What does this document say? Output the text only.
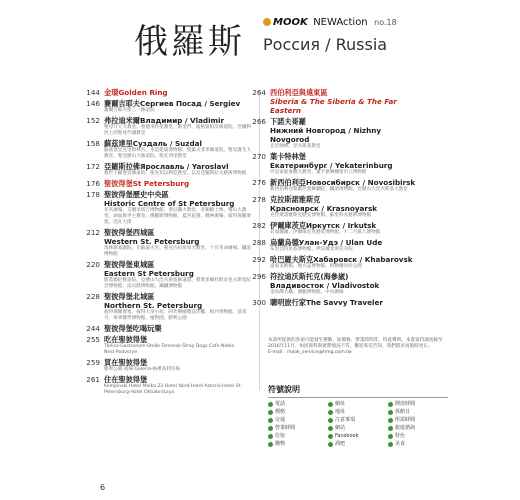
俄羅斯	MOOK NEWAction no.18
Россия / Russia
144 金環Golden Ring
146 賽爾吉耶夫Сергиев Посад / Sergiev
謝爾吉耶夫聖三一修道院
152 弗拉迪米爾Владимир / Vladimir
聖母升天大教堂、聖德米特里教堂、黃金門、波格留柏沃修道院、涅爾利河上的聖母代禱教堂
158 蘇茲達里Суздаль / Suzdal
蘇茲達里克里姆林宮、木造建築博物館、聖葉夫菲米修道院、聖母誕生大教堂、聖亞歷山大修道院、聖瓦西里教堂
172 亞羅斯拉佛Ярославль / Yaroslavl
救世主顯聖容修道院、聖先知以利亞教堂、以及亞羅斯拉夫藝術博物館
176 聖彼得堡St Petersburg
178 聖彼得堡歷史中央區
Historic Centre of St Petersburg
冬宮廣場、艾爾米塔吉博物館、聖以撒大教堂、青銅騎士像、喀山大教堂、滴血救世主教堂、俄羅斯博物館、夏宮花園、戰神廣場、彼得保羅要塞、涅瓦大街
212 聖彼得堡西城區
Western St. Petersburg
馬林斯基劇院、尤蘇波夫宮、聖尼古拉海軍大教堂、十月革命廣場、鐵道博物館
220 聖彼得堡東城區
Eastern St Petersburg
斯莫爾尼修道院、亞歷山大涅夫斯基修道院、費奧多爾杜斯妥也夫斯基紀念博物館、法貝熱博物館、鋼鐵博物館
228 聖彼得堡北城區
Northern St. Petersburg
彼得保羅要塞、彼得大帝小屋、阿芙樂爾號巡洋艦、炮兵博物館、清真寺、軍事醫學博物館、植物園、勝利公園
244 聖彼得堡吃喝玩樂
255 吃在聖彼得堡
Tbiliso·Gastronom·Stolle·Teremok·Stray Dogs Cafe·Noble Nest·Podvorye
259 買在聖彼得堡
勝利公園·商場·Galeria·格裡高利市場
261 住在聖彼得堡
Kempinski Hotel Moika 22·Hotel Nord·Hotel Astoria·Hotel St. Petersburg·Hotel Oktiabrskaya
264 西伯利亞與遠東區
Siberia & The Siberia & The Far Eastern
266 下諾夫哥羅
Нижний Новгород / Nizhny Novgorod
克里姆林、涅夫斯基教堂
270 葉卡特林堡
Екатеринбург / Yekaterinburg
沙皇家族血腥大教堂、葉卡捷琳娜堡市立博物館
276 新西伯利亞Новосибирск / Novosibirsk
新西伯利亞歌劇芭蕾舞劇院、鐵道博物館、亞歷山大涅夫斯基大教堂
278 克拉斯諾雅斯克
Красноярск / Krasnoyarsk
克拉斯諾雅斯克歷史博物館、蘇里科夫藝術博物館
282 伊爾庫茨克Иркутск / Irkutsk
貝加爾湖、伊爾庫茨克歷史博物館、十二月黨人博物館
288 烏蘭烏德Улан-Удэ / Ulan Ude
布里亞特民族博物館、伊沃爾金斯克寺院
292 哈巴羅夫斯克Хабаровск / Khabarovsk
遠東美術館、地方誌博物館、阿穆爾河岸公園
296 符拉迪沃斯托克(海參崴)
Владивосток / Vladivostok
金角灣大橋、潛艇博物館、中央廣場
300 聰明旅行家The Savvy Traveler
本書所提供的各項可能發生變動，如價格、營業時間等，特此聲明。本書資料調查截至2016年11月，如因資料與實際情況不符，歡迎來信告知，我們將於再版時更正。
E-mail：mook_service@hmg.com.tw
符號說明
電話	網址	開放時間
價格	地址	休館日
交通	注意事項	所需時間
營業時間	網站	旅遊諮詢
住宿	Facebook	特色
購物	酒吧	美食
6
